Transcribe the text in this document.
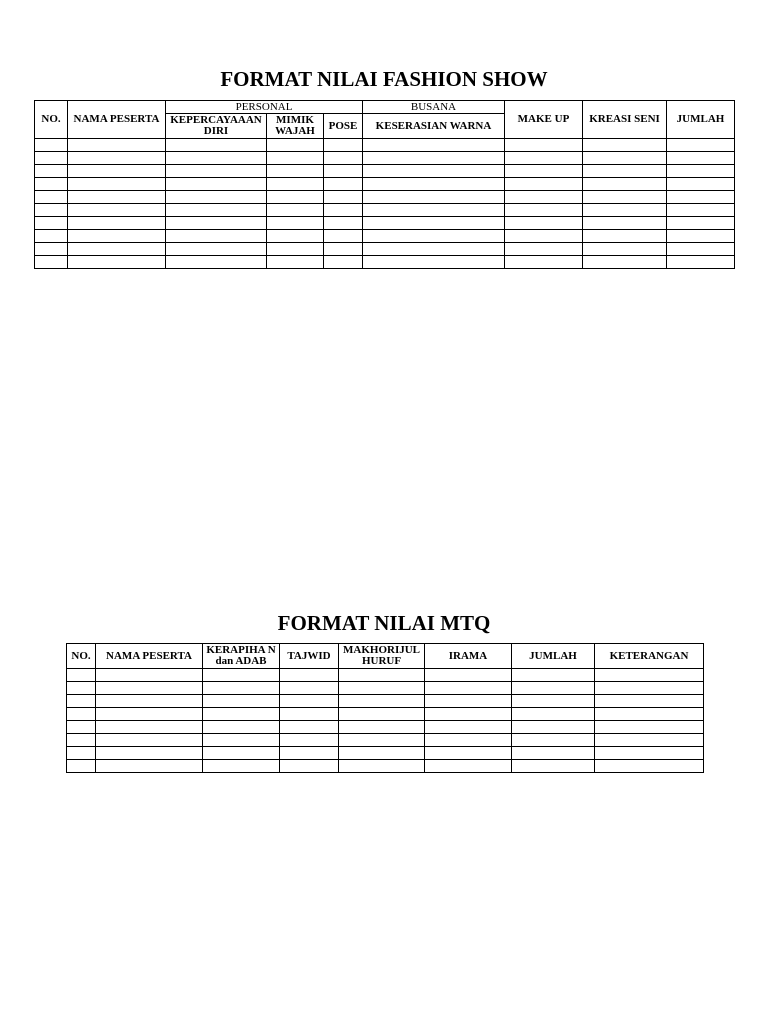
FORMAT NILAI FASHION SHOW
NO.	NAMA PESERTA	PERSONAL			BUSANA	MAKE UP	KREASI SENI	JUMLAH
		KEPERCAYAAAN DIRI	MIMIK WAJAH	POSE	KESERASIAN WARNA			

FORMAT NILAI MTQ
NO.	NAMA PESERTA	KERAPIHA N dan ADAB	TAJWID	MAKHORIJUL HURUF	IRAMA	JUMLAH	KETERANGAN
